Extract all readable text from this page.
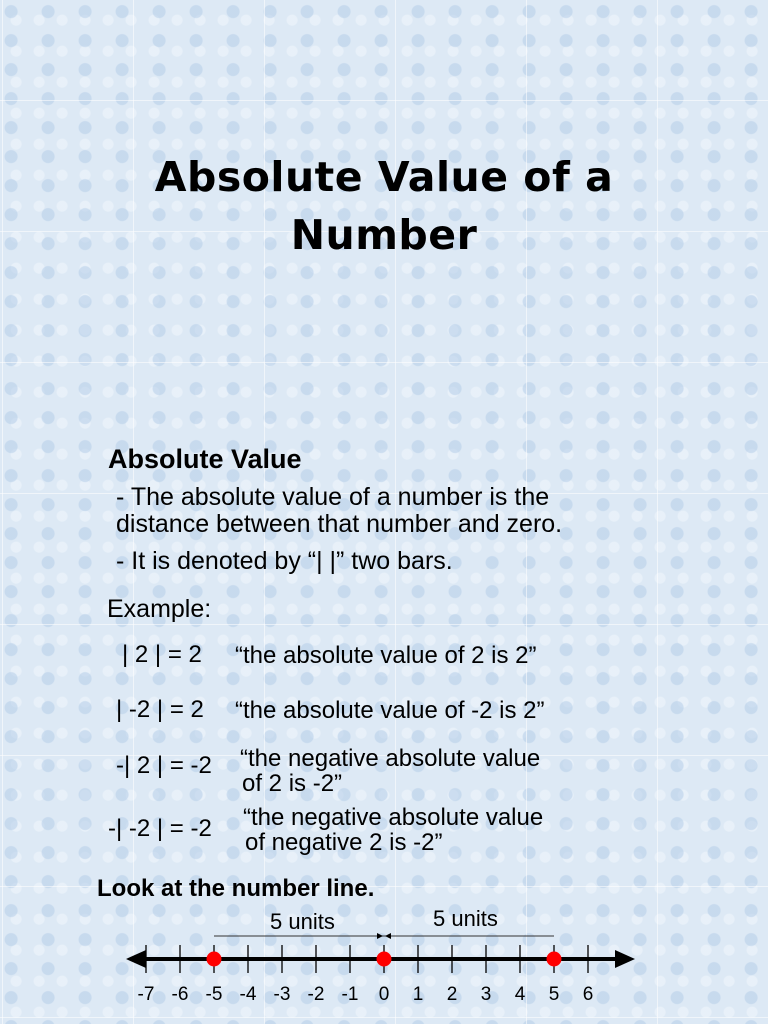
Absolute Value of a
Number
Absolute Value
- The absolute value of a number is the
distance between that number and zero.
- It is denoted by “| |” two bars.
Example:
| 2 | = 2 “the absolute value of 2 is 2”
| -2 | = 2 “the absolute value of -2 is 2”
-| 2 | = -2 “the negative absolute value
of 2 is -2”
-| -2 | = -2 “the negative absolute value
of negative 2 is -2”
Look at the number line.
5 units	5 units
-7 -6 -5 -4 -3 -2 -1 0 1 2 3 4 5 6
